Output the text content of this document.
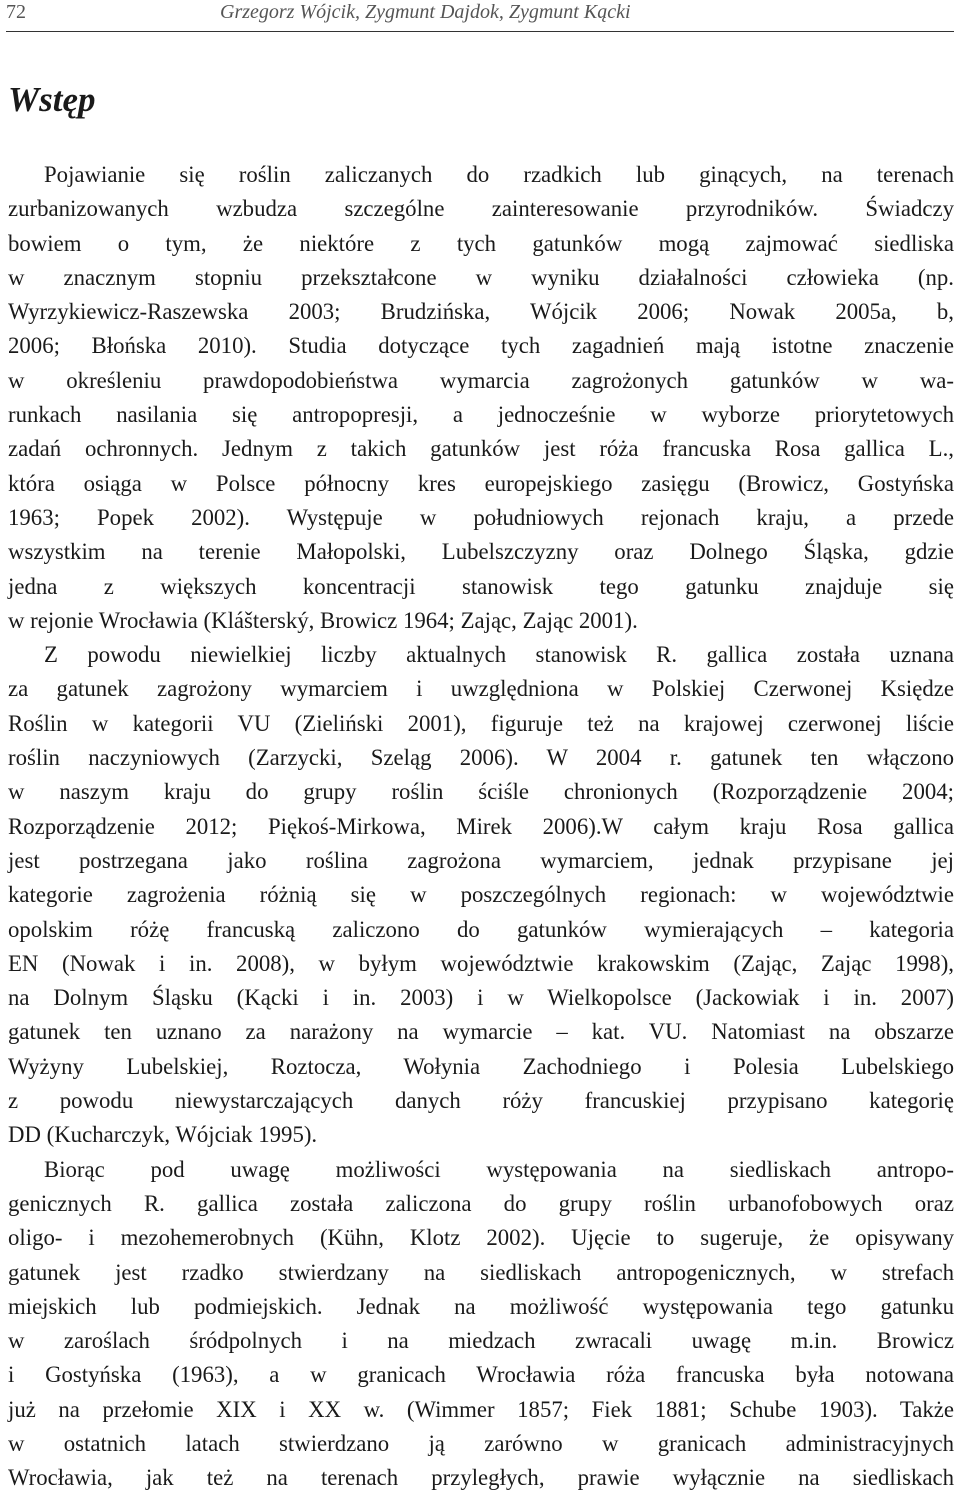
72	Grzegorz Wójcik, Zygmunt Dajdok, Zygmunt Kącki
Wstęp
Pojawianie się roślin zaliczanych do rzadkich lub ginących, na terenach
zurbanizowanych wzbudza szczególne zainteresowanie przyrodników. Świadczy
bowiem o tym, że niektóre z tych gatunków mogą zajmować siedliska
w znacznym stopniu przekształcone w wyniku działalności człowieka (np.
Wyrzykiewicz-Raszewska 2003; Brudzińska, Wójcik 2006; Nowak 2005a, b,
2006; Błońska 2010). Studia dotyczące tych zagadnień mają istotne znaczenie
w określeniu prawdopodobieństwa wymarcia zagrożonych gatunków w wa-
runkach nasilania się antropopresji, a jednocześnie w wyborze priorytetowych
zadań ochronnych. Jednym z takich gatunków jest róża francuska Rosa gallica L.,
która osiąga w Polsce północny kres europejskiego zasięgu (Browicz, Gostyńska
1963; Popek 2002). Występuje w południowych rejonach kraju, a przede
wszystkim na terenie Małopolski, Lubelszczyzny oraz Dolnego Śląska, gdzie
jedna z większych koncentracji stanowisk tego gatunku znajduje się
w rejonie Wrocławia (Klášterský, Browicz 1964; Zając, Zając 2001).
Z powodu niewielkiej liczby aktualnych stanowisk R. gallica została uznana
za gatunek zagrożony wymarciem i uwzględniona w Polskiej Czerwonej Księdze
Roślin w kategorii VU (Zieliński 2001), figuruje też na krajowej czerwonej liście
roślin naczyniowych (Zarzycki, Szeląg 2006). W 2004 r. gatunek ten włączono
w naszym kraju do grupy roślin ściśle chronionych (Rozporządzenie 2004;
Rozporządzenie 2012; Piękoś-Mirkowa, Mirek 2006).W całym kraju Rosa gallica
jest postrzegana jako roślina zagrożona wymarciem, jednak przypisane jej
kategorie zagrożenia różnią się w poszczególnych regionach: w województwie
opolskim różę francuską zaliczono do gatunków wymierających – kategoria
EN (Nowak i in. 2008), w byłym województwie krakowskim (Zając, Zając 1998),
na Dolnym Śląsku (Kącki i in. 2003) i w Wielkopolsce (Jackowiak i in. 2007)
gatunek ten uznano za narażony na wymarcie – kat. VU. Natomiast na obszarze
Wyżyny Lubelskiej, Roztocza, Wołynia Zachodniego i Polesia Lubelskiego
z powodu niewystarczających danych róży francuskiej przypisano kategorię
DD (Kucharczyk, Wójciak 1995).
Biorąc pod uwagę możliwości występowania na siedliskach antropo-
genicznych R. gallica została zaliczona do grupy roślin urbanofobowych oraz
oligo- i mezohemerobnych (Kühn, Klotz 2002). Ujęcie to sugeruje, że opisywany
gatunek jest rzadko stwierdzany na siedliskach antropogenicznych, w strefach
miejskich lub podmiejskich. Jednak na możliwość występowania tego gatunku
w zaroślach śródpolnych i na miedzach zwracali uwagę m.in. Browicz
i Gostyńska (1963), a w granicach Wrocławia róża francuska była notowana
już na przełomie XIX i XX w. (Wimmer 1857; Fiek 1881; Schube 1903). Także
w ostatnich latach stwierdzano ją zarówno w granicach administracyjnych
Wrocławia, jak też na terenach przyległych, prawie wyłącznie na siedliskach
